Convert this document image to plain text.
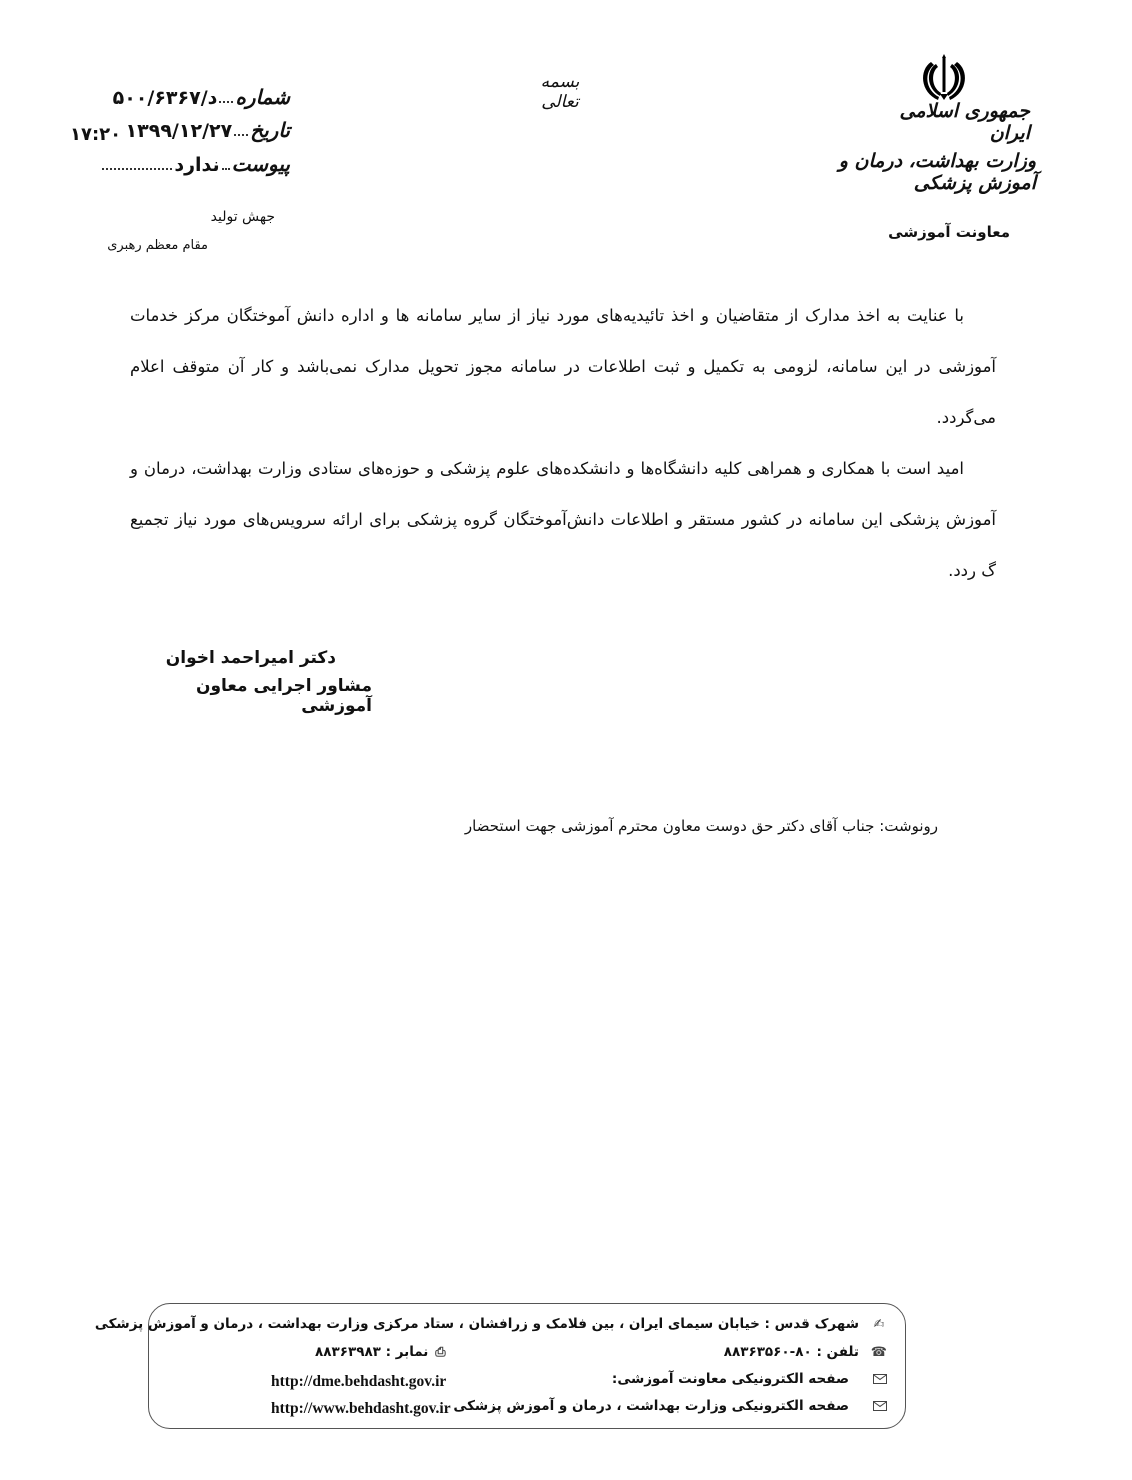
جمهوری اسلامی ایران
وزارت بهداشت، درمان و آموزش پزشکی
معاونت آموزشی
بسمه تعالی
شمارهد/۵۰۰/۶۳۶۷
تاریخ۱۳۹۹/۱۲/۲۷
۱۷:۲۰
پیوستندارد
جهش تولید
مقام معظم رهبری

با عنایت به اخذ مدارک از متقاضیان و اخذ تائیدیه‌های مورد نیاز از سایر سامانه ها و اداره دانش آموختگان مرکز خدمات آموزشی در این سامانه، لزومی به تکمیل و ثبت اطلاعات در سامانه مجوز تحویل مدارک نمی‌باشد و کار آن متوقف اعلام می‌گردد.

امید است با همکاری و همراهی کلیه دانشگاه‌ها و دانشکده‌های علوم پزشکی و حوزه‌های ستادی وزارت بهداشت، درمان و آموزش پزشکی این سامانه در کشور مستقر و اطلاعات دانش‌آموختگان گروه پزشکی برای ارائه سرویس‌های مورد نیاز تجمیع گ ردد.

دکتر امیراحمد اخوان
مشاور اجرایی معاون آموزشی
رونوشت: جناب آقای دکتر حق دوست معاون محترم آموزشی جهت استحضار
✍
شهرک قدس : خیابان سیمای ایران ، بین فلامک و زرافشان ، ستاد مرکزی وزارت بهداشت ، درمان و آموزش پزشکی
☎
تلفن : ۸۰-۸۸۳۶۳۵۶۰
⎙
نمابر : ۸۸۳۶۳۹۸۳
صفحه الکترونیکی معاونت آموزشی:
صفحه الکترونیکی وزارت بهداشت ، درمان و آموزش پزشکی
http://dme.behdasht.gov.ir
http://www.behdasht.gov.ir
